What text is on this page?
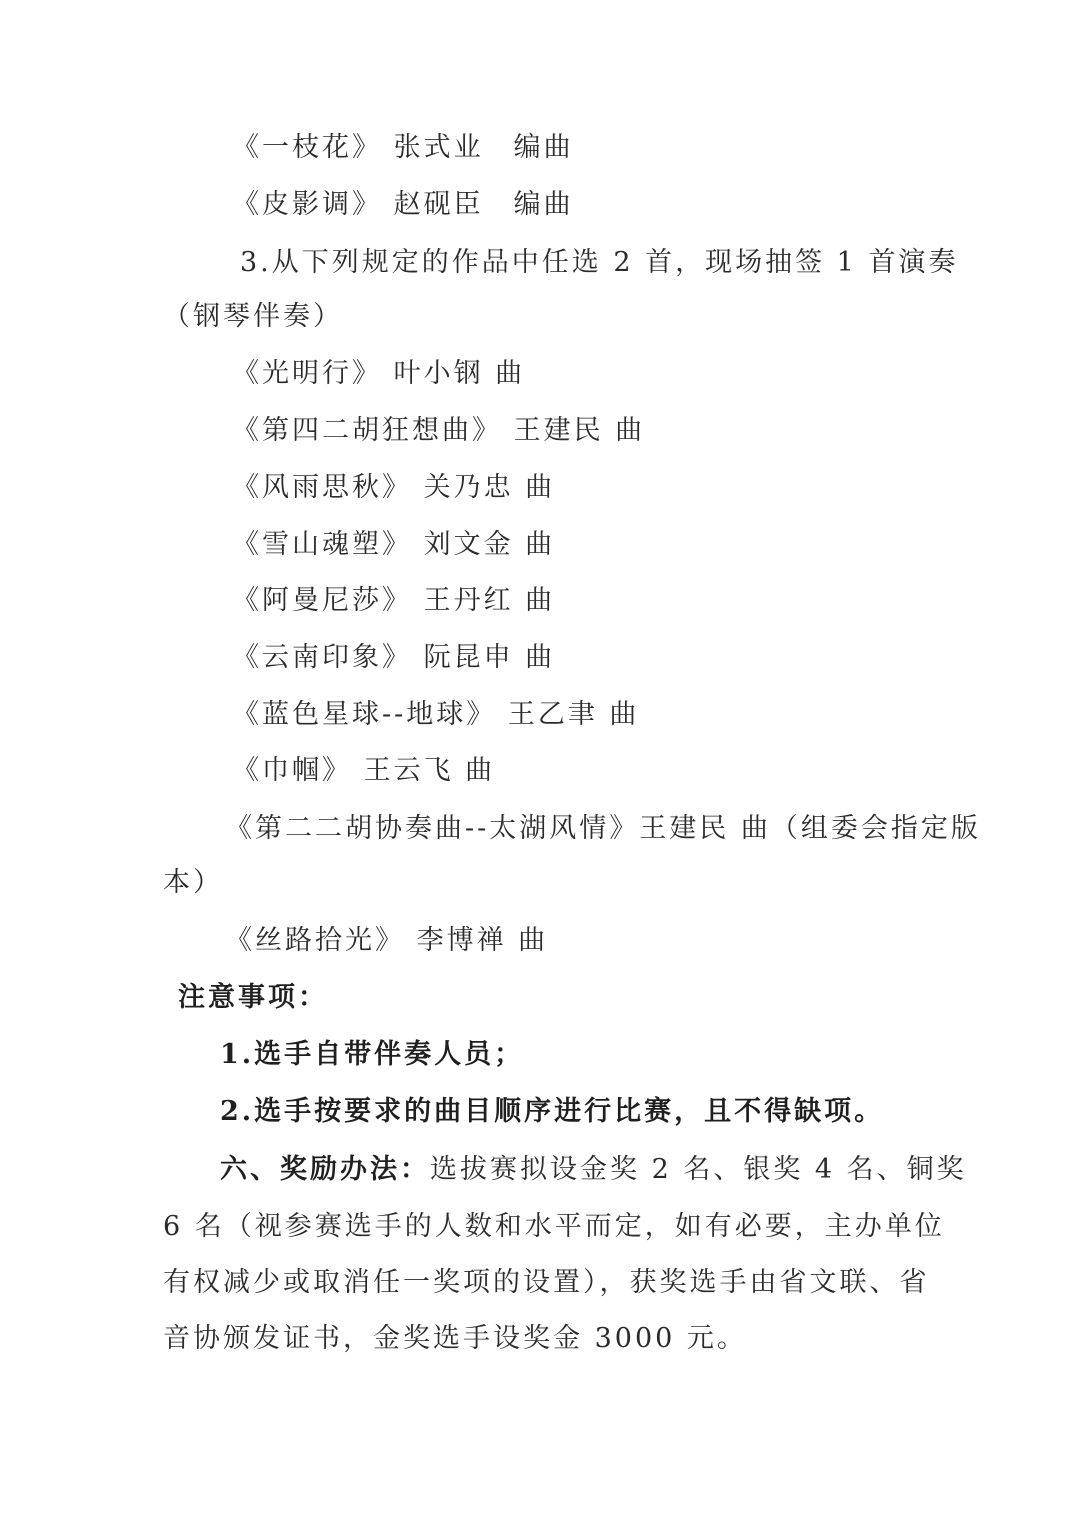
《一枝花》 张式业　编曲
《皮影调》 赵砚臣　编曲
3.从下列规定的作品中任选 2 首，现场抽签 1 首演奏
（钢琴伴奏）
《光明行》 叶小钢 曲
《第四二胡狂想曲》 王建民 曲
《风雨思秋》 关乃忠 曲
《雪山魂塑》 刘文金 曲
《阿曼尼莎》 王丹红 曲
《云南印象》 阮昆申 曲
《蓝色星球--地球》 王乙聿 曲
《巾帼》 王云飞 曲
《第二二胡协奏曲--太湖风情》王建民 曲（组委会指定版
本）
《丝路拾光》 李博禅 曲
注意事项：
1.选手自带伴奏人员；
2.选手按要求的曲目顺序进行比赛，且不得缺项。
六、奖励办法：选拔赛拟设金奖 2 名、银奖 4 名、铜奖
6 名（视参赛选手的人数和水平而定，如有必要，主办单位
有权减少或取消任一奖项的设置），获奖选手由省文联、省
音协颁发证书，金奖选手设奖金 3000 元。
